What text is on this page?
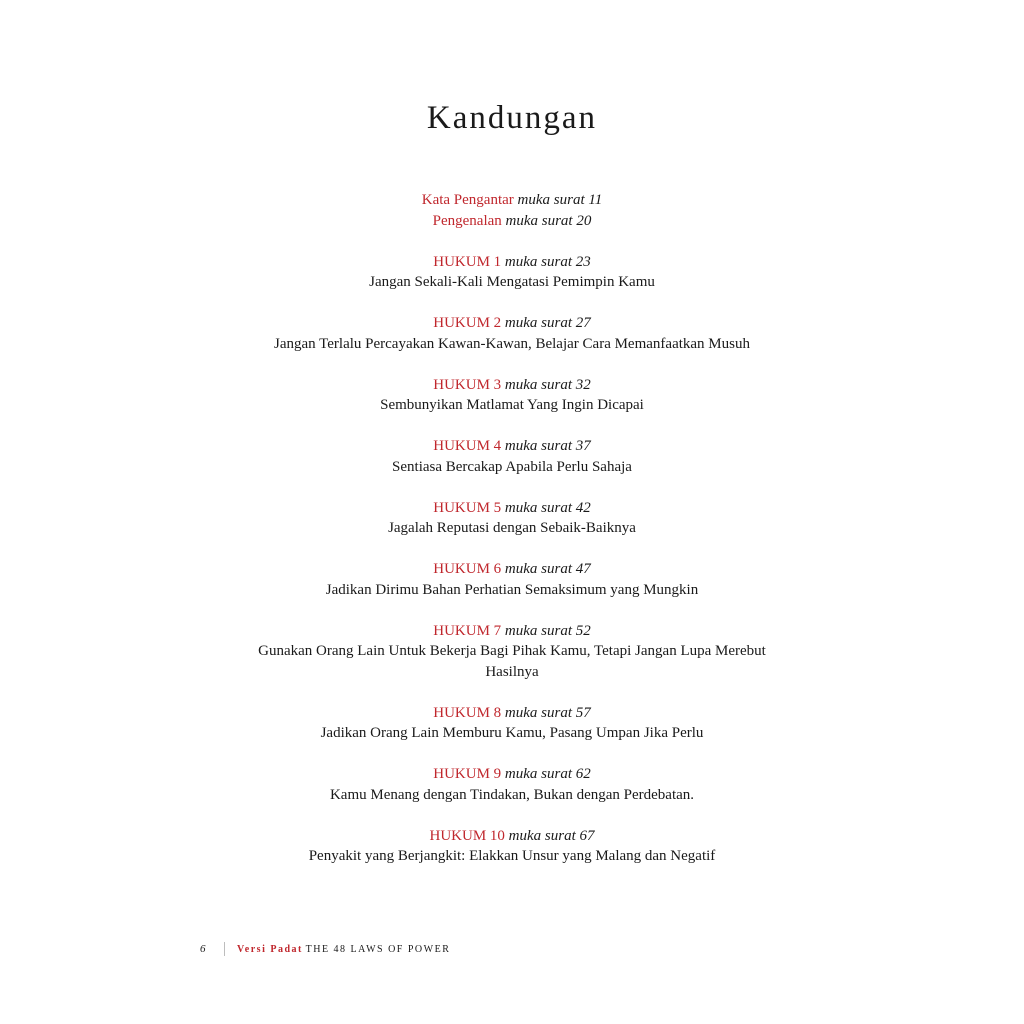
Kandungan
Kata Pengantar muka surat 11
Pengenalan muka surat 20
HUKUM 1 muka surat 23
Jangan Sekali-Kali Mengatasi Pemimpin Kamu
HUKUM 2 muka surat 27
Jangan Terlalu Percayakan Kawan-Kawan, Belajar Cara Memanfaatkan Musuh
HUKUM 3 muka surat 32
Sembunyikan Matlamat Yang Ingin Dicapai
HUKUM 4 muka surat 37
Sentiasa Bercakap Apabila Perlu Sahaja
HUKUM 5 muka surat 42
Jagalah Reputasi dengan Sebaik-Baiknya
HUKUM 6 muka surat 47
Jadikan Dirimu Bahan Perhatian Semaksimum yang Mungkin
HUKUM 7 muka surat 52
Gunakan Orang Lain Untuk Bekerja Bagi Pihak Kamu, Tetapi Jangan Lupa Merebut Hasilnya
HUKUM 8 muka surat 57
Jadikan Orang Lain Memburu Kamu, Pasang Umpan Jika Perlu
HUKUM 9 muka surat 62
Kamu Menang dengan Tindakan, Bukan dengan Perdebatan.
HUKUM 10 muka surat 67
Penyakit yang Berjangkit: Elakkan Unsur yang Malang dan Negatif
6	Versi Padat THE 48 LAWS OF POWER
